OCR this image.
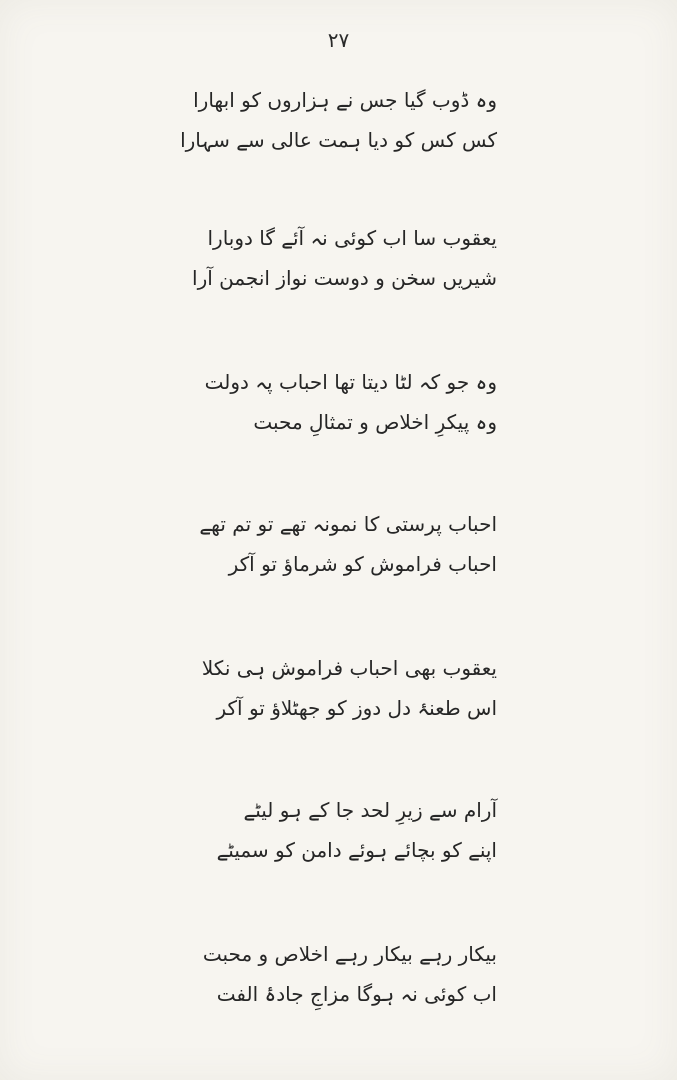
۲۷
وہ ڈوب گیا جس نے ہزاروں کو ابھارا
کس کس کو دیا ہمت عالی سے سہارا
یعقوب سا اب کوئی نہ آئے گا دوبارا
شیریں سخن و دوست نواز انجمن آرا
وہ جو کہ لٹا دیتا تھا احباب پہ دولت
وہ پیکرِ اخلاص و تمثالِ محبت
احباب پرستی کا نمونہ تھے تو تم تھے
احباب فراموش کو شرماؤ تو آکر
یعقوب بھی احباب فراموش ہی نکلا
اس طعنۂ دل دوز کو جھٹلاؤ تو آکر
آرام سے زیرِ لحد جا کے ہو لیٹے
اپنے کو بچائے ہوئے دامن کو سمیٹے
بیکار رہے بیکار رہے اخلاص و محبت
اب کوئی نہ ہوگا مزاجِ جادۂ الفت
